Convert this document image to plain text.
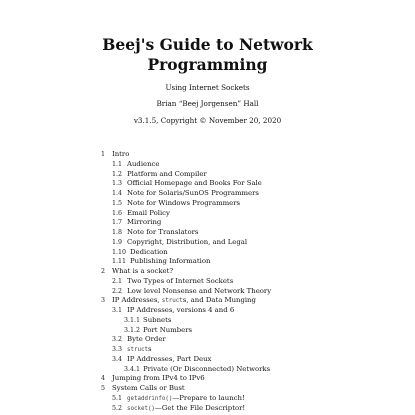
Beej's Guide to Network
Programming
Using Internet Sockets
Brian “Beej Jorgensen” Hall
v3.1.5, Copyright © November 20, 2020
1 Intro
1.1 Audience
1.2 Platform and Compiler
1.3 Official Homepage and Books For Sale
1.4 Note for Solaris/SunOS Programmers
1.5 Note for Windows Programmers
1.6 Email Policy
1.7 Mirroring
1.8 Note for Translators
1.9 Copyright, Distribution, and Legal
1.10 Dedication
1.11 Publishing Information
2 What is a socket?
2.1 Two Types of Internet Sockets
2.2 Low level Nonsense and Network Theory
3 IP Addresses, structs, and Data Munging
3.1 IP Addresses, versions 4 and 6
3.1.1 Subnets
3.1.2 Port Numbers
3.2 Byte Order
3.3 structs
3.4 IP Addresses, Part Deux
3.4.1 Private (Or Disconnected) Networks
4 Jumping from IPv4 to IPv6
5 System Calls or Bust
5.1 getaddrinfo()—Prepare to launch!
5.2 socket()—Get the File Descriptor!
